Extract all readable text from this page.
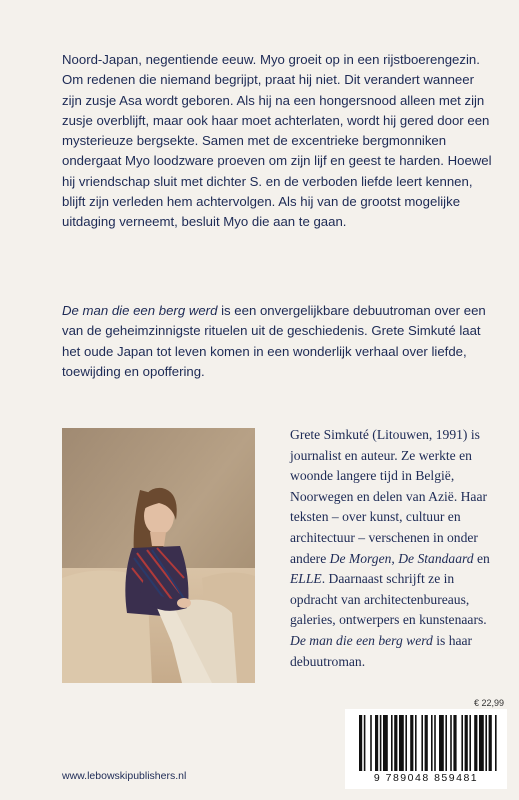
Noord-Japan, negentiende eeuw. Myo groeit op in een rijstboerengezin. Om redenen die niemand begrijpt, praat hij niet. Dit verandert wanneer zijn zusje Asa wordt geboren. Als hij na een hongersnood alleen met zijn zusje overblijft, maar ook haar moet achterlaten, wordt hij gered door een mysterieuze bergsekte. Samen met de excentrieke bergmonniken ondergaat Myo loodzware proeven om zijn lijf en geest te harden. Hoewel hij vriendschap sluit met dichter S. en de verboden liefde leert kennen, blijft zijn verleden hem achtervolgen. Als hij van de grootst mogelijke uitdaging verneemt, besluit Myo die aan te gaan.

De man die een berg werd is een onvergelijkbare debuutroman over een van de geheimzinnigste rituelen uit de geschiedenis. Grete Simkuté laat het oude Japan tot leven komen in een wonderlijk verhaal over liefde, toewijding en opoffering.

Grete Simkuté (Litouwen, 1991) is journalist en auteur. Ze werkte en woonde langere tijd in België, Noorwegen en delen van Azië. Haar teksten – over kunst, cultuur en architectuur – verschenen in onder andere De Morgen, De Standaard en ELLE. Daarnaast schrijft ze in opdracht van architectenbureaus, galeries, ontwerpers en kunstenaars. De man die een berg werd is haar debuutroman.

€ 22,99
9 789048 859481
www.lebowskipublishers.nl
